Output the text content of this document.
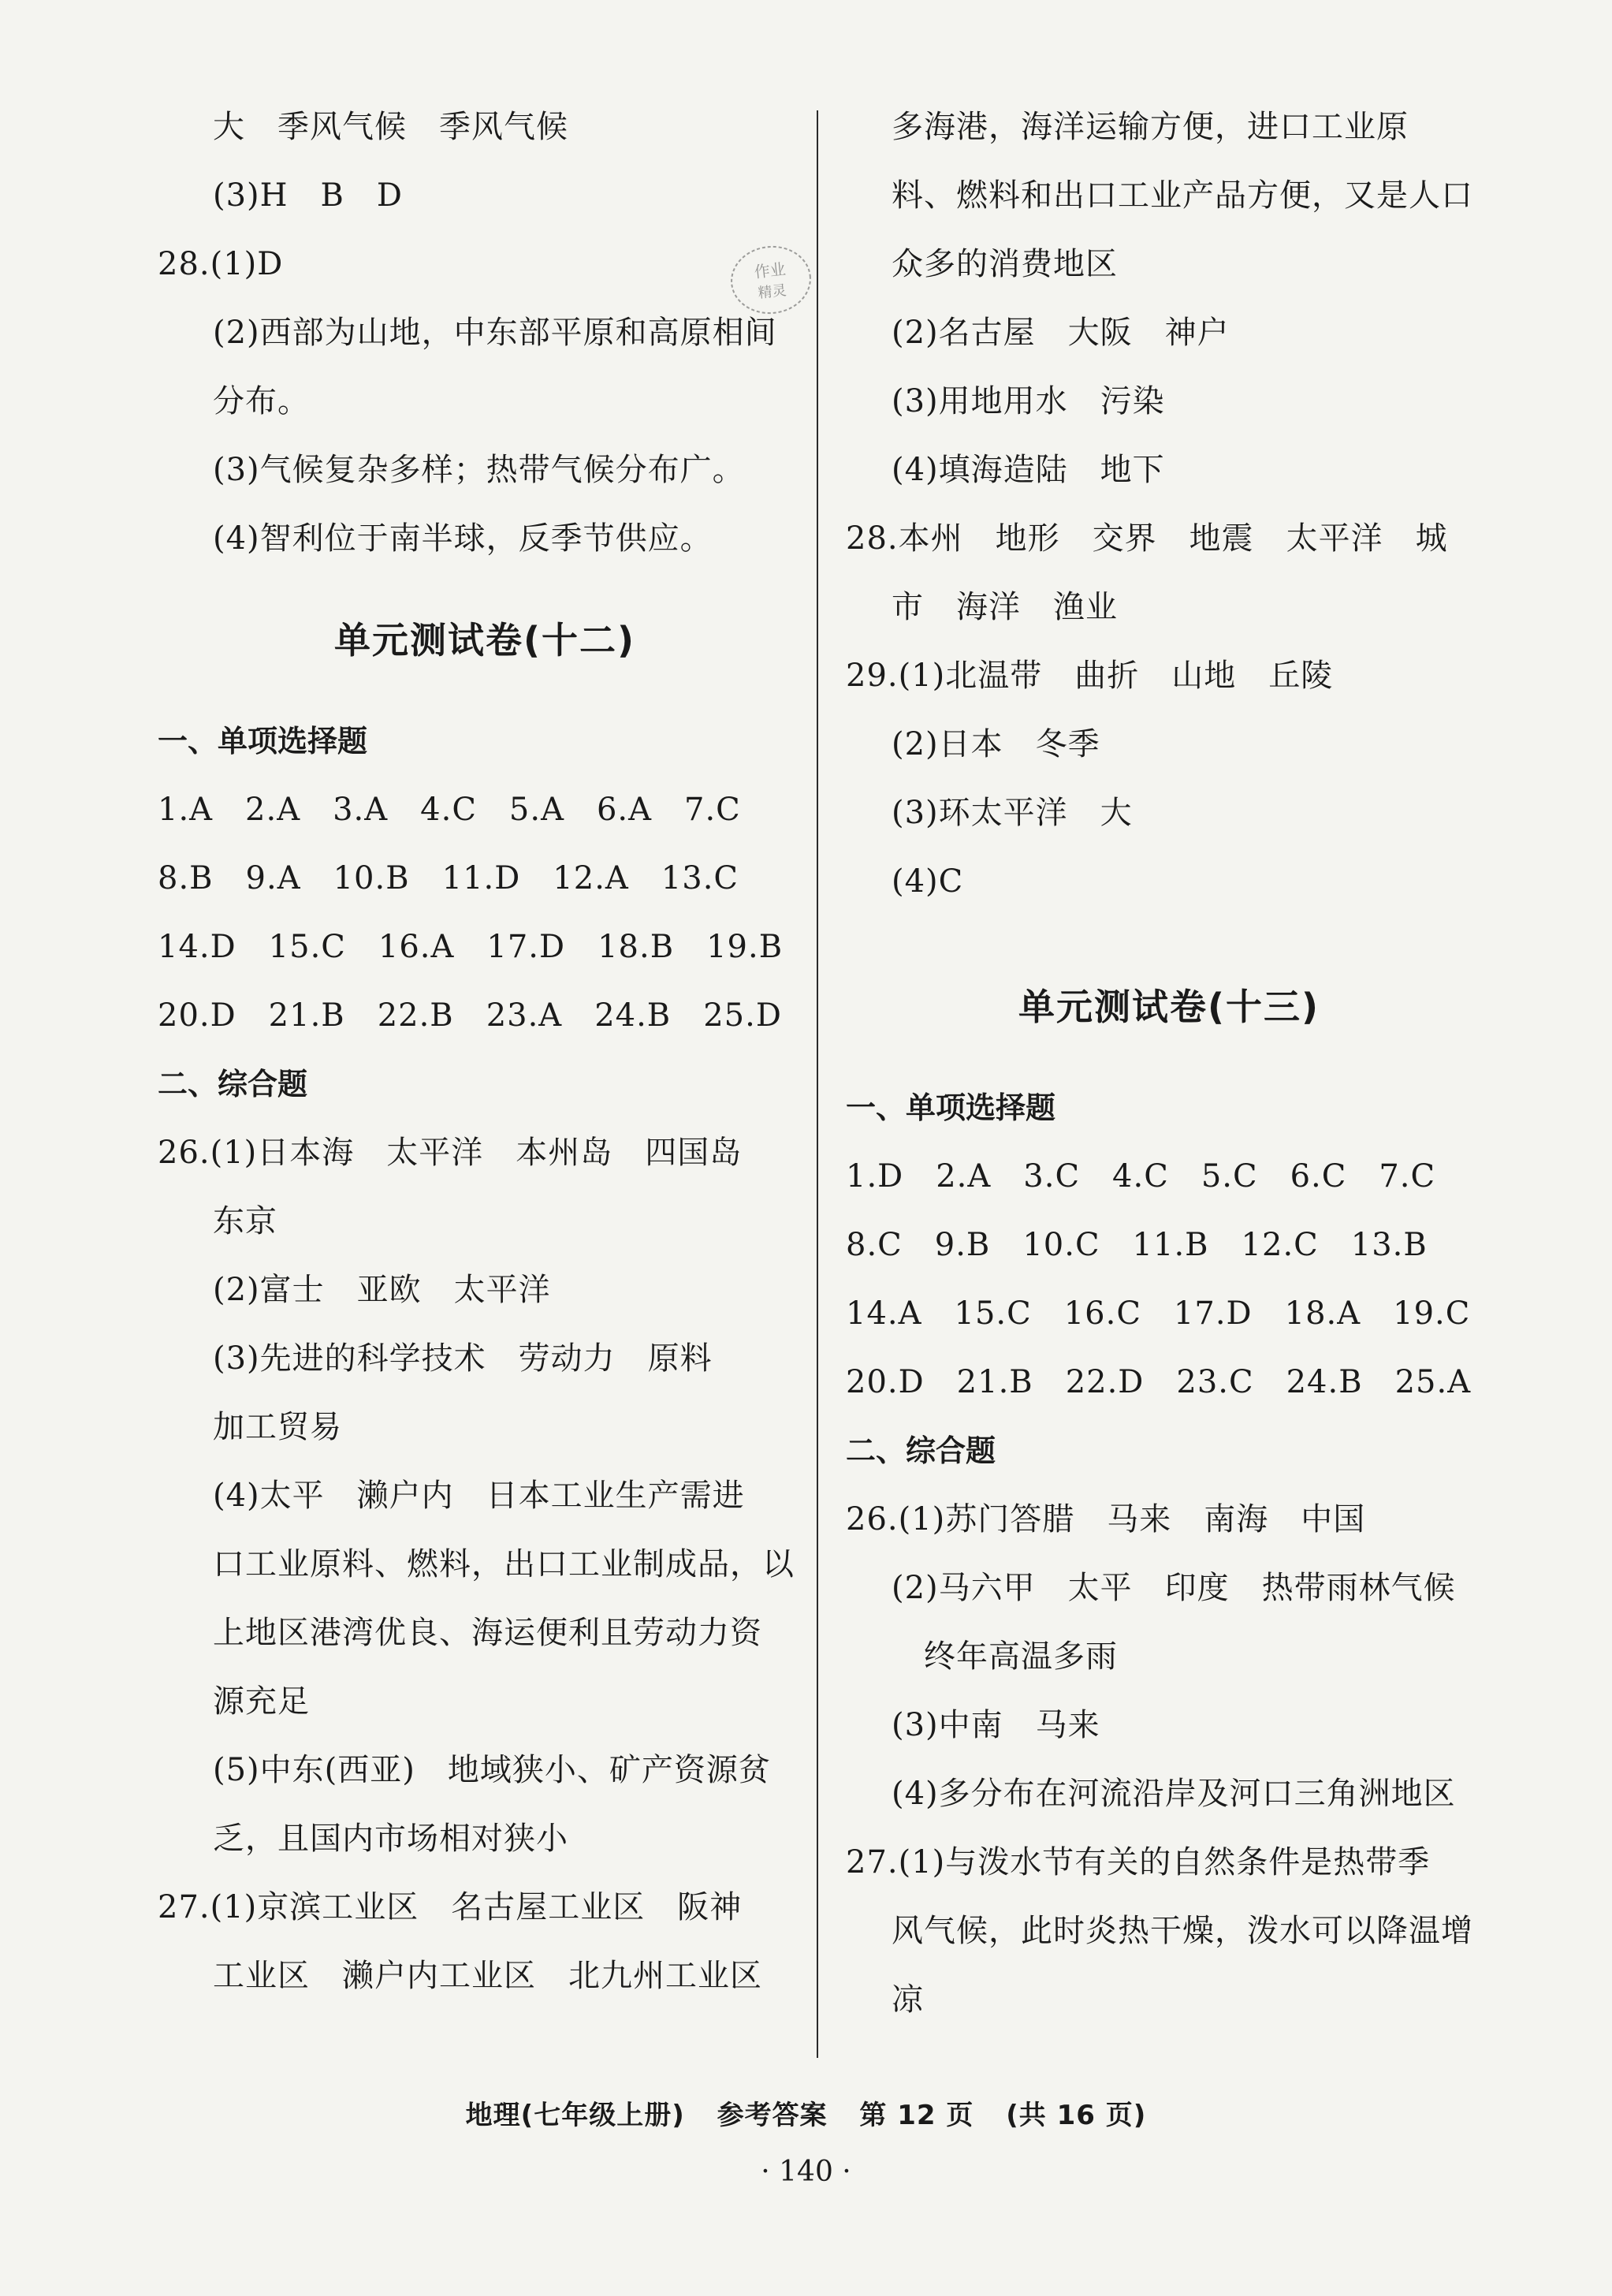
大　季风气候　季风气候
(3)H　B　D
28.(1)D
(2)西部为山地，中东部平原和高原相间
分布。
(3)气候复杂多样；热带气候分布广。
(4)智利位于南半球，反季节供应。
单元测试卷(十二)
一、单项选择题
1.A　2.A　3.A　4.C　5.A　6.A　7.C
8.B　9.A　10.B　11.D　12.A　13.C
14.D　15.C　16.A　17.D　18.B　19.B
20.D　21.B　22.B　23.A　24.B　25.D
二、综合题
26.(1)日本海　太平洋　本州岛　四国岛
东京
(2)富士　亚欧　太平洋
(3)先进的科学技术　劳动力　原料
加工贸易
(4)太平　濑户内　日本工业生产需进
口工业原料、燃料，出口工业制成品，以
上地区港湾优良、海运便利且劳动力资
源充足
(5)中东(西亚)　地域狭小、矿产资源贫
乏，且国内市场相对狭小
27.(1)京滨工业区　名古屋工业区　阪神
工业区　濑户内工业区　北九州工业区
多海港，海洋运输方便，进口工业原
料、燃料和出口工业产品方便，又是人口
众多的消费地区
(2)名古屋　大阪　神户
(3)用地用水　污染
(4)填海造陆　地下
28.本州　地形　交界　地震　太平洋　城
市　海洋　渔业
29.(1)北温带　曲折　山地　丘陵
(2)日本　冬季
(3)环太平洋　大
(4)C
单元测试卷(十三)
一、单项选择题
1.D　2.A　3.C　4.C　5.C　6.C　7.C
8.C　9.B　10.C　11.B　12.C　13.B
14.A　15.C　16.C　17.D　18.A　19.C
20.D　21.B　22.D　23.C　24.B　25.A
二、综合题
26.(1)苏门答腊　马来　南海　中国
(2)马六甲　太平　印度　热带雨林气候
　终年高温多雨
(3)中南　马来
(4)多分布在河流沿岸及河口三角洲地区
27.(1)与泼水节有关的自然条件是热带季
风气候，此时炎热干燥，泼水可以降温增
凉
作业
精灵
地理(七年级上册) 参考答案 第 12 页 (共 16 页)
· 140 ·
